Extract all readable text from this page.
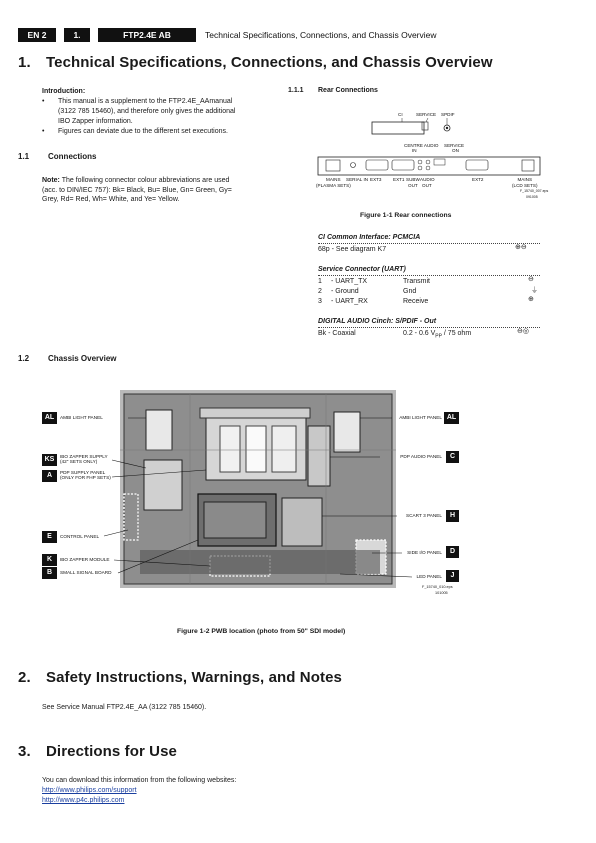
EN 2	1.	FTP2.4E AB	Technical Specifications, Connections, and Chassis Overview
1. Technical Specifications, Connections, and Chassis Overview
Introduction:
• This manual is a supplement to the FTP2.4E_AAmanual
(3122 785 15460), and therefore only gives the additional
IBO Zapper information.
• Figures can deviate due to the different set executions.
1.1 Connections
Note: The following connector colour abbreviations are used
(acc. to DIN/IEC 757): Bk= Black, Bu= Blue, Gn= Green, Gy=
Grey, Rd= Red, Wh= White, and Ye= Yellow.
1.1.1 Rear Connections
CI	SERVICE SPDIF
CENTRE AUDIO
IN
SERVICE
ON
MAINS
(PLASMA SETS)
SERIAL IN EXT3	EXT1 SUBW
OUT
AUDIO
OUT
EXT2	MAINS
(LCD SETS)
F_15740_007.eps
091005
Figure 1-1 Rear connections
CI Common Interface: PCMCIA
68p - See diagram K7	⊕⊖
Service Connector (UART)
1 - UART_TX	Transmit
2 - Ground	Gnd
3 - UART_RX	Receive
⊖
⏚
⊕
DIGITAL AUDIO Cinch: S/PDIF - Out
Bk - Coaxial	0.2 - 0.6 $V_{PP} / 75$ ohm	⊖◎
1.2 Chassis Overview
AL	AMBI LIGHT PANEL
KS	IBO ZAPPER SUPPLY
(42" SETS ONLY)
A	PDP SUPPLY PANEL
(ONLY FOR FHP SETS)
E	CONTROL PANEL
K	IBO ZAPPER MODULE
B	SMALL SIGNAL BOARD
AMBI LIGHT PANEL AL
PDP AUDIO PANEL	C
SCART 3 PANEL	H
SIDE I/O PANEL	D
LED PANEL	J
F_15740_010.eps
101005
Figure 1-2 PWB location (photo from 50" SDI model)
2. Safety Instructions, Warnings, and Notes
See Service Manual FTP2.4E_AA (3122 785 15460).
3. Directions for Use
You can download this information from the following websites:
http://www.philips.com/support
http://www.p4c.philips.com
